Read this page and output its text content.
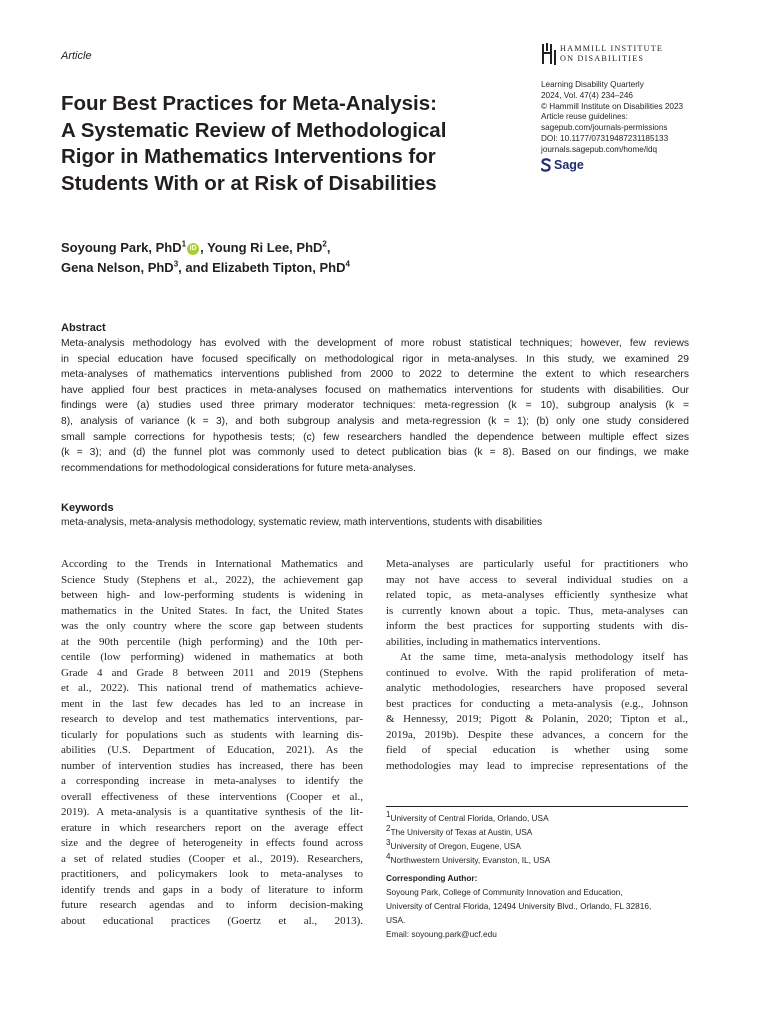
Article
HAMMILL INSTITUTE
ON DISABILITIES
Learning Disability Quarterly
2024, Vol. 47(4) 234–246
© Hammill Institute on Disabilities 2023
Article reuse guidelines:
sagepub.com/journals-permissions
DOI: 10.1177/07319487231185133
journals.sagepub.com/home/ldq
Sage
Four Best Practices for Meta-Analysis:
A Systematic Review of Methodological
Rigor in Mathematics Interventions for
Students With or at Risk of Disabilities
Soyoung Park, PhD$^1$ iD , Young Ri Lee, PhD$^2$,
Gena Nelson, PhD$^3$, and Elizabeth Tipton, PhD$^4$
Abstract
Meta-analysis methodology has evolved with the development of more robust statistical techniques; however, few reviews
in special education have focused specifically on methodological rigor in meta-analyses. In this study, we examined 29
meta-analyses of mathematics interventions published from 2000 to 2022 to determine the extent to which researchers
have applied four best practices in meta-analyses focused on mathematics interventions for students with disabilities. Our
findings were (a) studies used three primary moderator techniques: meta-regression (k = 10), subgroup analysis (k =
8), analysis of variance (k = 3), and both subgroup analysis and meta-regression (k = 1); (b) only one study considered
small sample corrections for hypothesis tests; (c) few researchers handled the dependence between multiple effect sizes
(k = 3); and (d) the funnel plot was commonly used to detect publication bias (k = 8). Based on our findings, we make
recommendations for methodological considerations for future meta-analyses.
Keywords
meta-analysis, meta-analysis methodology, systematic review, math interventions, students with disabilities
According to the Trends in International Mathematics and
Science Study (Stephens et al., 2022), the achievement gap
between high- and low-performing students is widening in
mathematics in the United States. In fact, the United States
was the only country where the score gap between students
at the 90th percentile (high performing) and the 10th per-
centile (low performing) widened in mathematics at both
Grade 4 and Grade 8 between 2011 and 2019 (Stephens
et al., 2022). This national trend of mathematics achieve-
ment in the last few decades has led to an increase in
research to develop and test mathematics interventions, par-
ticularly for populations such as students with learning dis-
abilities (U.S. Department of Education, 2021). As the
number of intervention studies has increased, there has been
a corresponding increase in meta-analyses to identify the
overall effectiveness of these interventions (Cooper et al.,
2019). A meta-analysis is a quantitative synthesis of the lit-
erature in which researchers report on the average effect
size and the degree of heterogeneity in effects found across
a set of related studies (Cooper et al., 2019). Researchers,
practitioners, and policymakers look to meta-analyses to
identify trends and gaps in a body of literature to inform
future research agendas and to inform decision-making
about educational practices (Goertz et al., 2013).
Meta-analyses are particularly useful for practitioners who
may not have access to several individual studies on a
related topic, as meta-analyses efficiently synthesize what
is currently known about a topic. Thus, meta-analyses can
inform the best practices for supporting students with dis-
abilities, including in mathematics interventions.
At the same time, meta-analysis methodology itself has
continued to evolve. With the rapid proliferation of meta-
analytic methodologies, researchers have proposed several
best practices for conducting a meta-analysis (e.g., Johnson
& Hennessy, 2019; Pigott & Polanin, 2020; Tipton et al.,
2019a, 2019b). Despite these advances, a concern for the
field of special education is whether using some
methodologies may lead to imprecise representations of the
$^1$University of Central Florida, Orlando, USA
$^2$The University of Texas at Austin, USA
$^3$University of Oregon, Eugene, USA
$^4$Northwestern University, Evanston, IL, USA
Corresponding Author:
Soyoung Park, College of Community Innovation and Education,
University of Central Florida, 12494 University Blvd., Orlando, FL 32816,
USA.
Email: soyoung.park@ucf.edu
